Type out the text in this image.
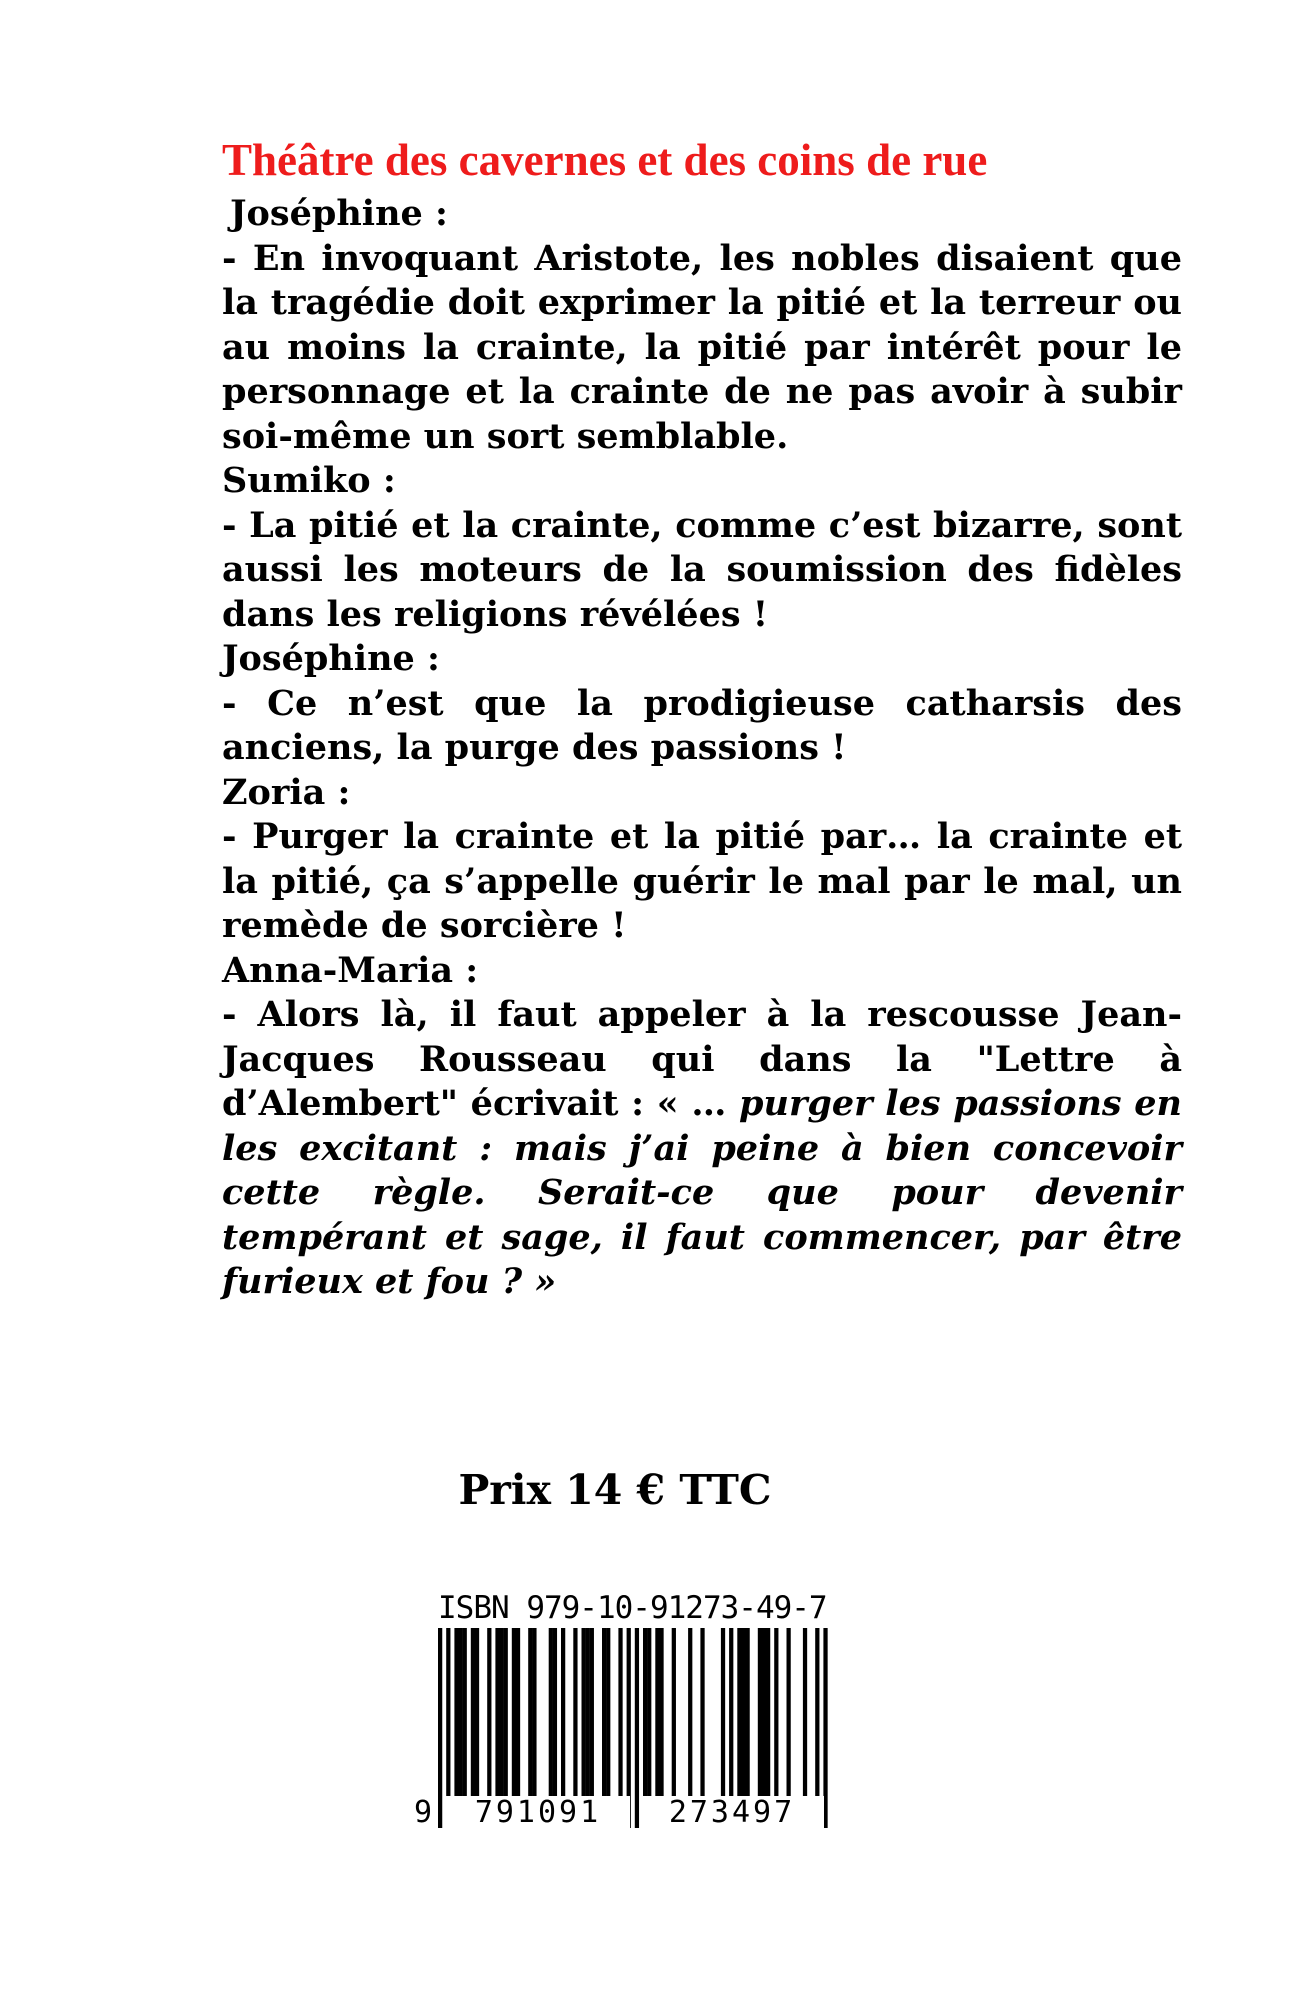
Théâtre des cavernes et des coins de rue

Joséphine :

- En invoquant Aristote, les nobles disaient que la tragédie doit exprimer la pitié et la terreur ou au moins la crainte, la pitié par intérêt pour le personnage et la crainte de ne pas avoir à subir soi-même un sort semblable.

Sumiko :

- La pitié et la crainte, comme c’est bizarre, sont aussi les moteurs de la soumission des fidèles dans les religions révélées !

Joséphine :

- Ce n’est que la prodigieuse catharsis des anciens, la purge des passions !

Zoria :

- Purger la crainte et la pitié par… la crainte et la pitié, ça s’appelle guérir le mal par le mal, un remède de sorcière !

Anna-Maria :

- Alors là, il faut appeler à la rescousse Jean-Jacques Rousseau qui dans la "Lettre à d’Alembert" écrivait : « … purger les passions en les excitant : mais j’ai peine à bien concevoir cette règle. Serait-ce que pour devenir tempérant et sage, il faut commencer, par être furieux et fou ? »

Prix 14 € TTC
ISBN 979-10-91273-49-7
9	791091	273497
